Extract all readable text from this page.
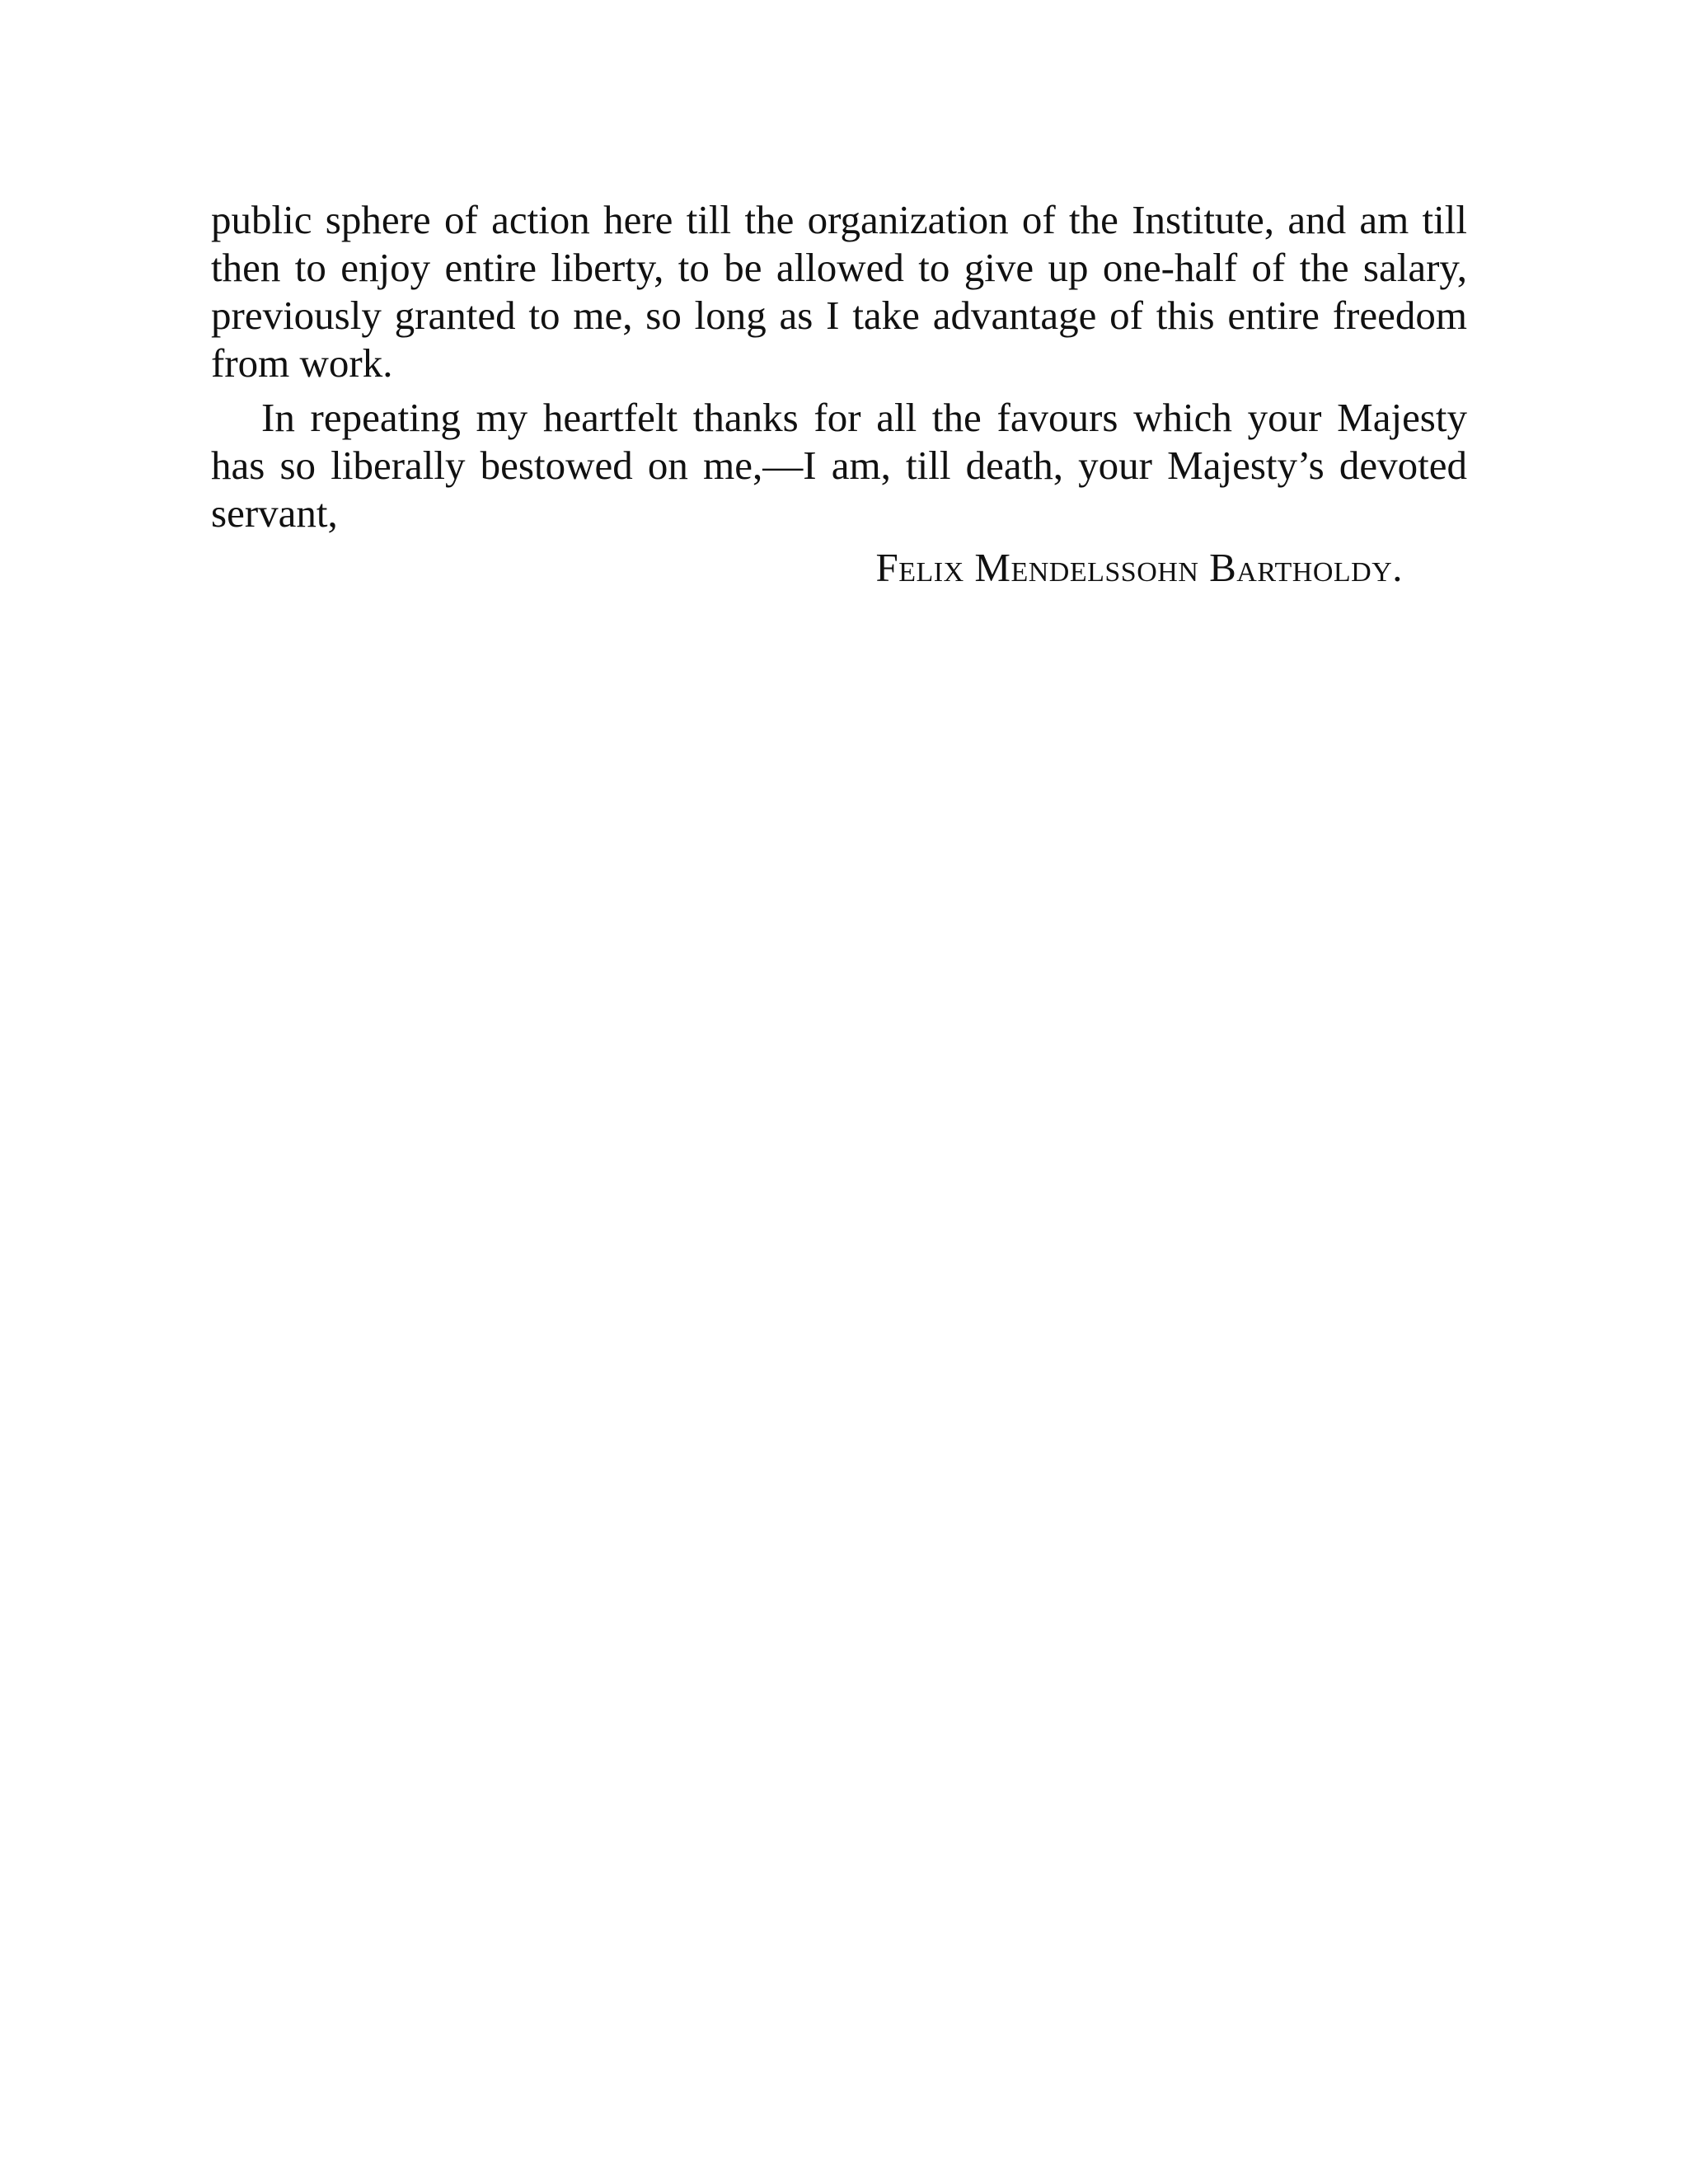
public sphere of action here till the organization of the Institute, and am till then to enjoy entire liberty, to be allowed to give up one-half of the salary, previously granted to me, so long as I take advantage of this entire freedom from work.

In repeating my heartfelt thanks for all the favours which your Majesty has so liberally bestowed on me,—I am, till death, your Majesty’s devoted servant,

Felix Mendelssohn Bartholdy.
